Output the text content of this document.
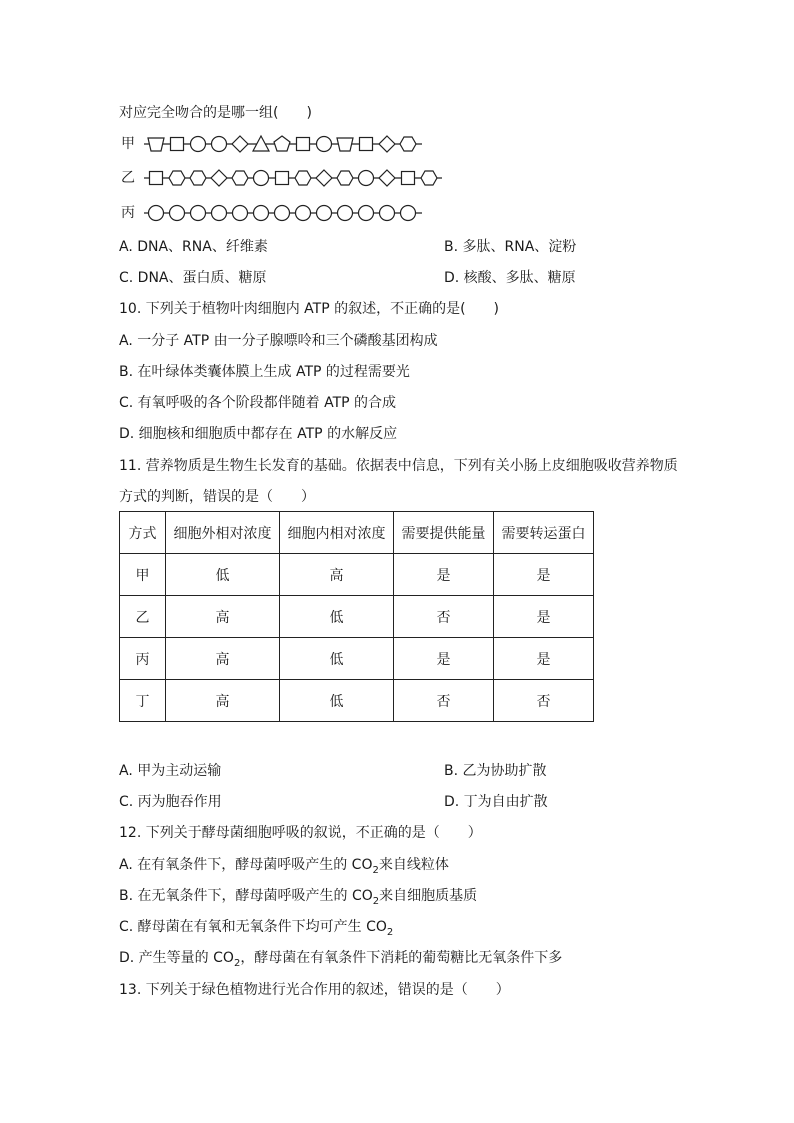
对应完全吻合的是哪一组(　　)
甲
乙
丙
A. DNA、RNA、纤维素	B. 多肽、RNA、淀粉
C. DNA、蛋白质、糖原	D. 核酸、多肽、糖原
10. 下列关于植物叶肉细胞内 ATP 的叙述，不正确的是(　　)
A. 一分子 ATP 由一分子腺嘌呤和三个磷酸基团构成
B. 在叶绿体类囊体膜上生成 ATP 的过程需要光
C. 有氧呼吸的各个阶段都伴随着 ATP 的合成
D. 细胞核和细胞质中都存在 ATP 的水解反应
11. 营养物质是生物生长发育的基础。依据表中信息，下列有关小肠上皮细胞吸收营养物质
方式的判断，错误的是（　　）
方式	细胞外相对浓度	细胞内相对浓度	需要提供能量	需要转运蛋白
甲	低	高	是	是
乙	高	低	否	是
丙	高	低	是	是
丁	高	低	否	否
A. 甲为主动运输	B. 乙为协助扩散
C. 丙为胞吞作用	D. 丁为自由扩散
12. 下列关于酵母菌细胞呼吸的叙说，不正确的是（　　）
A. 在有氧条件下，酵母菌呼吸产生的 $CO_2$来自线粒体
B. 在无氧条件下，酵母菌呼吸产生的 $CO_2$来自细胞质基质
C. 酵母菌在有氧和无氧条件下均可产生 $CO_2$
D. 产生等量的 $CO_2$，酵母菌在有氧条件下消耗的葡萄糖比无氧条件下多
13. 下列关于绿色植物进行光合作用的叙述，错误的是（　　）
